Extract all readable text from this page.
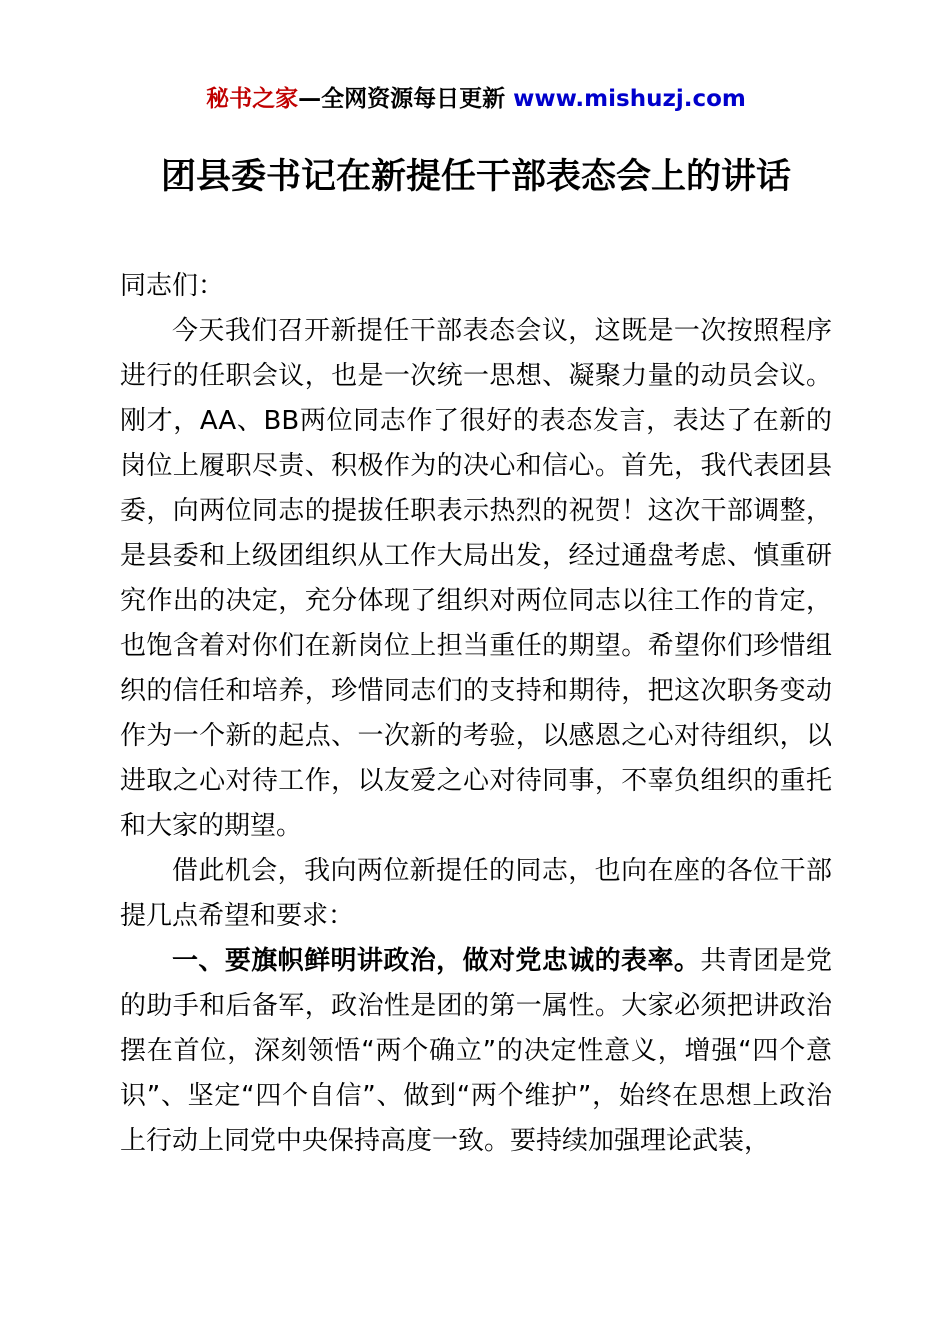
秘书之家—全网资源每日更新 www.mishuzj.com
团县委书记在新提任干部表态会上的讲话

同志们：

今天我们召开新提任干部表态会议，这既是一次按照程序进行的任职会议，也是一次统一思想、凝聚力量的动员会议。刚才，AA、BB两位同志作了很好的表态发言，表达了在新的岗位上履职尽责、积极作为的决心和信心。首先，我代表团县委，向两位同志的提拔任职表示热烈的祝贺！这次干部调整，是县委和上级团组织从工作大局出发，经过通盘考虑、慎重研究作出的决定，充分体现了组织对两位同志以往工作的肯定，也饱含着对你们在新岗位上担当重任的期望。希望你们珍惜组织的信任和培养，珍惜同志们的支持和期待，把这次职务变动作为一个新的起点、一次新的考验，以感恩之心对待组织，以进取之心对待工作，以友爱之心对待同事，不辜负组织的重托和大家的期望。

借此机会，我向两位新提任的同志，也向在座的各位干部提几点希望和要求：

一、要旗帜鲜明讲政治，做对党忠诚的表率。共青团是党的助手和后备军，政治性是团的第一属性。大家必须把讲政治摆在首位，深刻领悟“两个确立”的决定性意义，增强“四个意识”、坚定“四个自信”、做到“两个维护”，始终在思想上政治上行动上同党中央保持高度一致。要持续加强理论武装，
